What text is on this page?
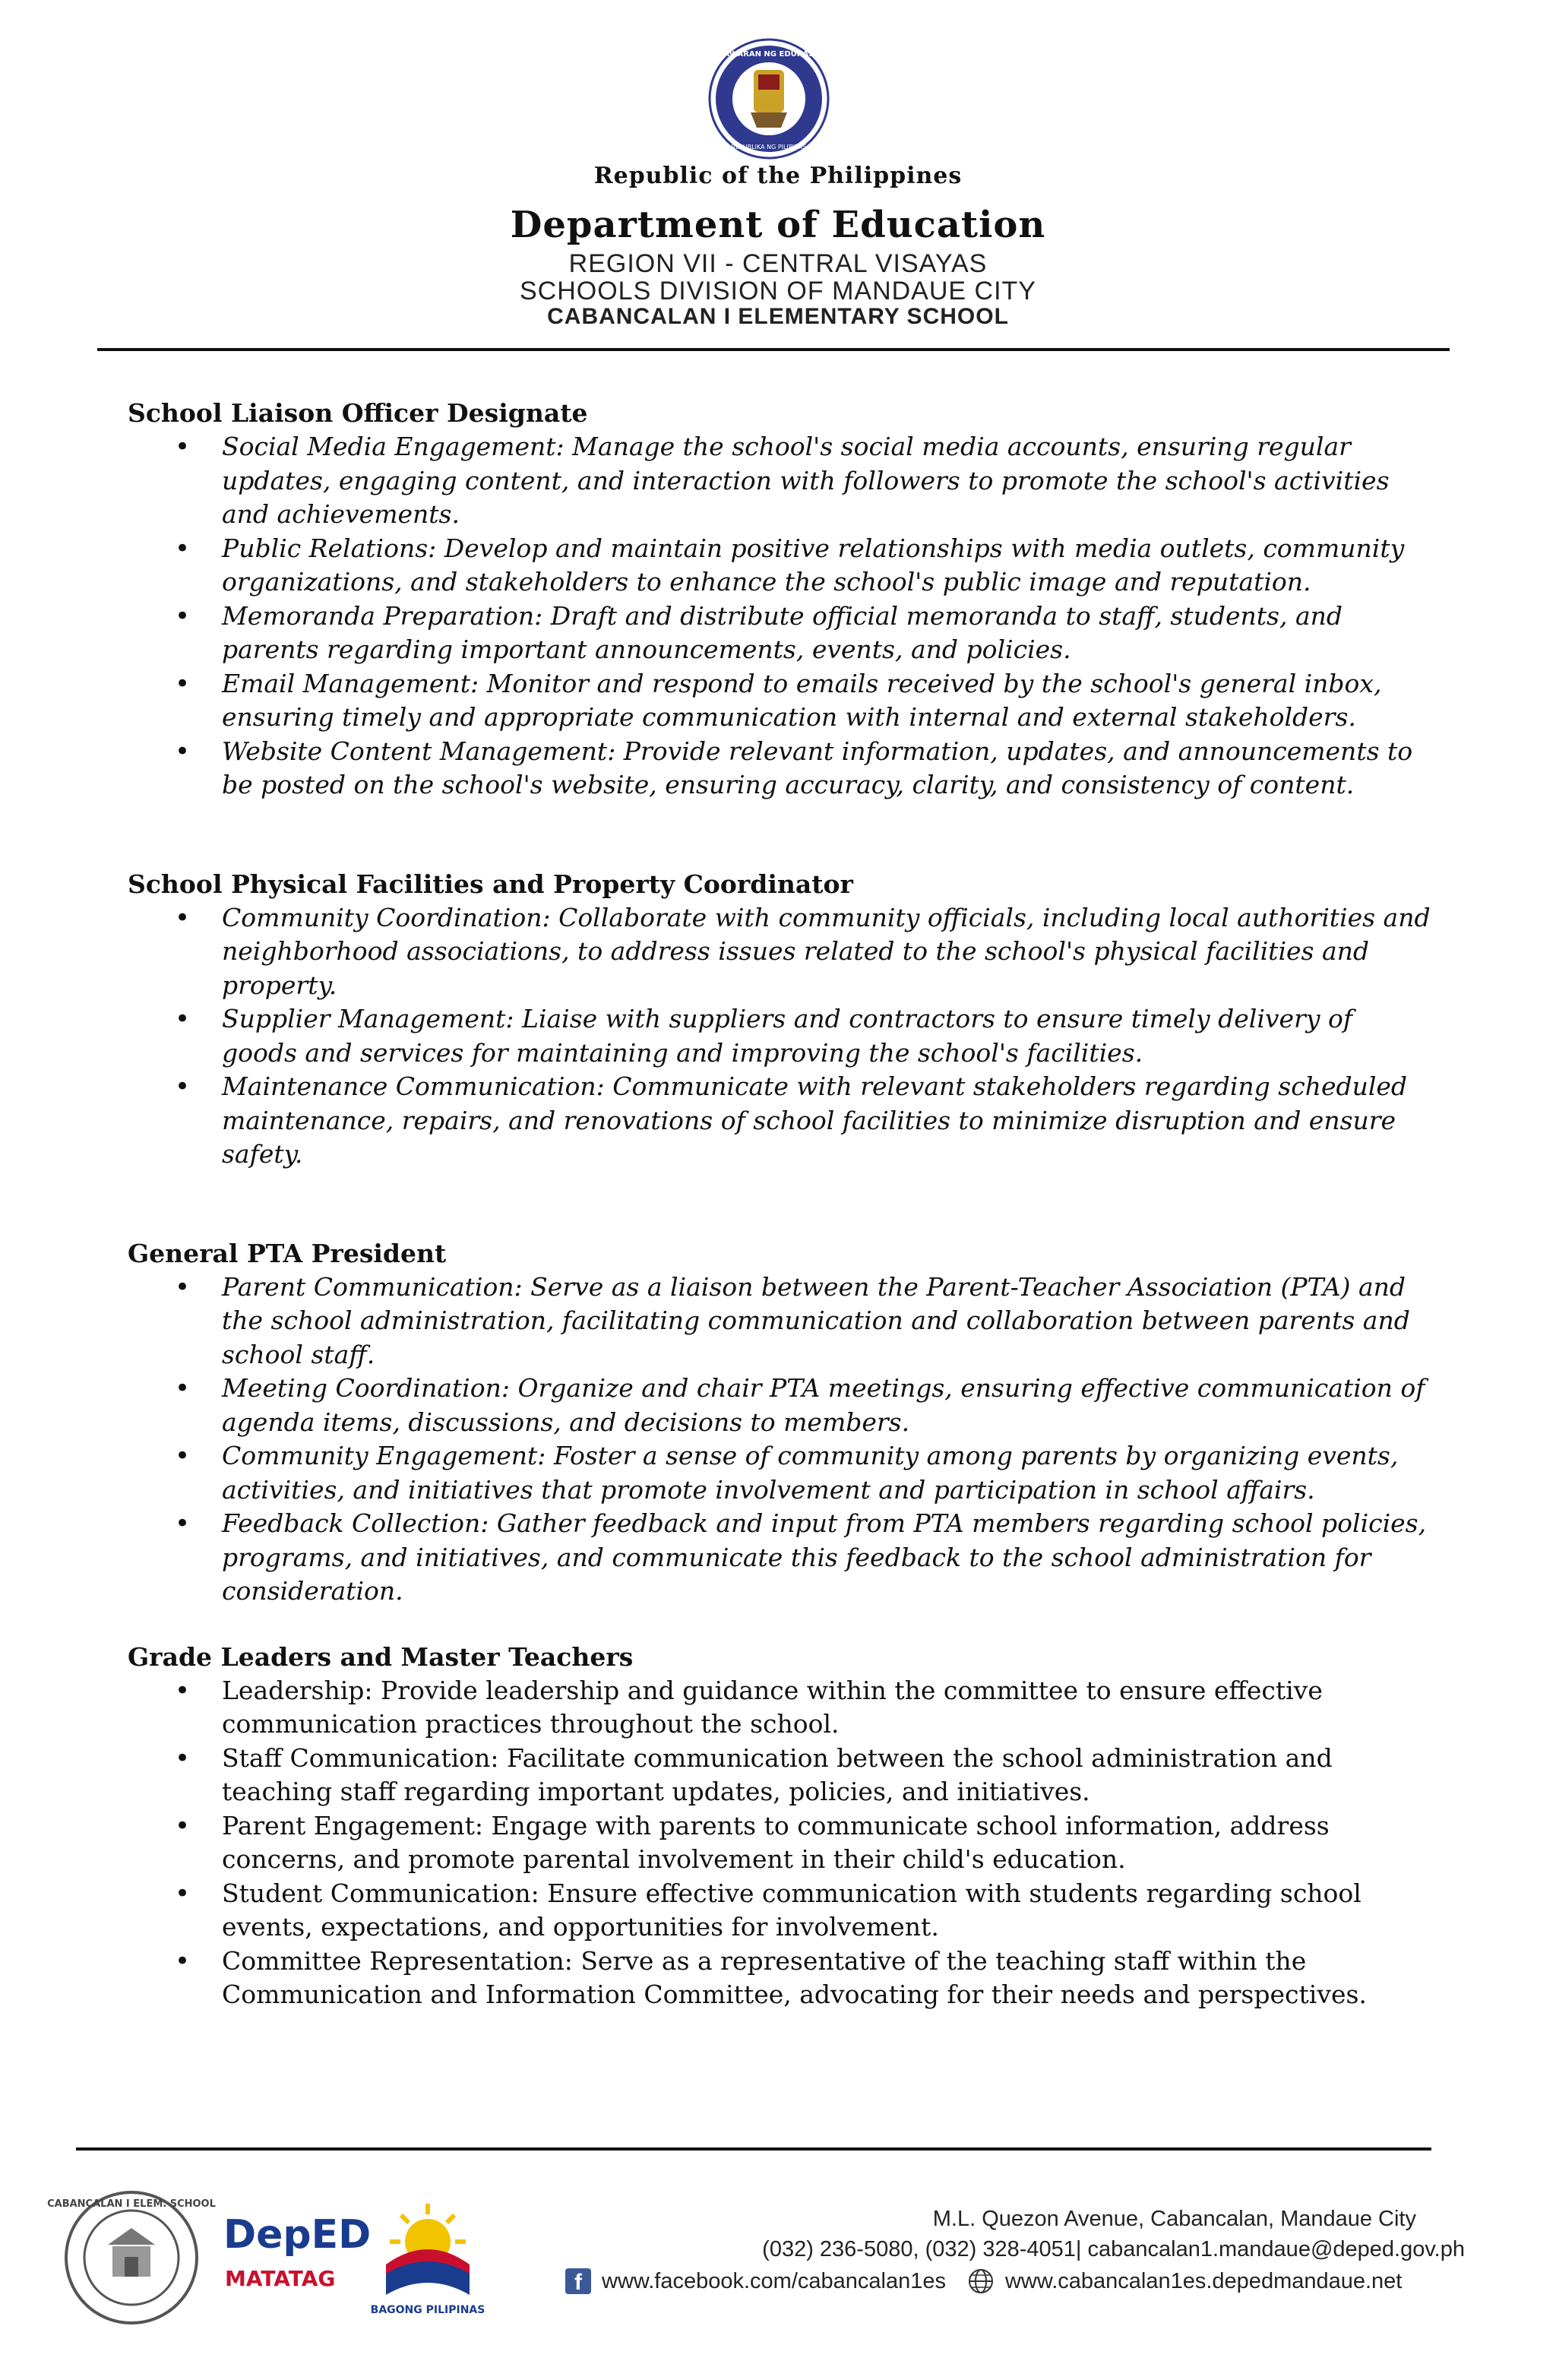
KAGAWARAN NG EDUKASYON
REPUBLIKA NG PILIPINAS
Republic of the Philippines
Department of Education
REGION VII - CENTRAL VISAYAS
SCHOOLS DIVISION OF MANDAUE CITY
CABANCALAN I ELEMENTARY SCHOOL
School Liaison Officer Designate
• Social Media Engagement: Manage the school's social media accounts, ensuring regular updates, engaging content, and interaction with followers to promote the school's activities and achievements.
• Public Relations: Develop and maintain positive relationships with media outlets, community organizations, and stakeholders to enhance the school's public image and reputation.
• Memoranda Preparation: Draft and distribute official memoranda to staff, students, and parents regarding important announcements, events, and policies.
• Email Management: Monitor and respond to emails received by the school's general inbox, ensuring timely and appropriate communication with internal and external stakeholders.
• Website Content Management: Provide relevant information, updates, and announcements to be posted on the school's website, ensuring accuracy, clarity, and consistency of content.
School Physical Facilities and Property Coordinator
• Community Coordination: Collaborate with community officials, including local authorities and neighborhood associations, to address issues related to the school's physical facilities and property.
• Supplier Management: Liaise with suppliers and contractors to ensure timely delivery of goods and services for maintaining and improving the school's facilities.
• Maintenance Communication: Communicate with relevant stakeholders regarding scheduled maintenance, repairs, and renovations of school facilities to minimize disruption and ensure safety.
General PTA President
• Parent Communication: Serve as a liaison between the Parent-Teacher Association (PTA) and the school administration, facilitating communication and collaboration between parents and school staff.
• Meeting Coordination: Organize and chair PTA meetings, ensuring effective communication of agenda items, discussions, and decisions to members.
• Community Engagement: Foster a sense of community among parents by organizing events, activities, and initiatives that promote involvement and participation in school affairs.
• Feedback Collection: Gather feedback and input from PTA members regarding school policies, programs, and initiatives, and communicate this feedback to the school administration for consideration.
Grade Leaders and Master Teachers
• Leadership: Provide leadership and guidance within the committee to ensure effective communication practices throughout the school.
• Staff Communication: Facilitate communication between the school administration and teaching staff regarding important updates, policies, and initiatives.
• Parent Engagement: Engage with parents to communicate school information, address concerns, and promote parental involvement in their child's education.
• Student Communication: Ensure effective communication with students regarding school events, expectations, and opportunities for involvement.
• Committee Representation: Serve as a representative of the teaching staff within the Communication and Information Committee, advocating for their needs and perspectives.
CABANCALAN I ELEM. SCHOOL
DepED
MATATAG
BAGONG PILIPINAS
M.L. Quezon Avenue, Cabancalan, Mandaue City
(032) 236-5080, (032) 328-4051| cabancalan1.mandaue@deped.gov.ph
f www.facebook.com/cabancalan1es	www.cabancalan1es.depedmandaue.net
